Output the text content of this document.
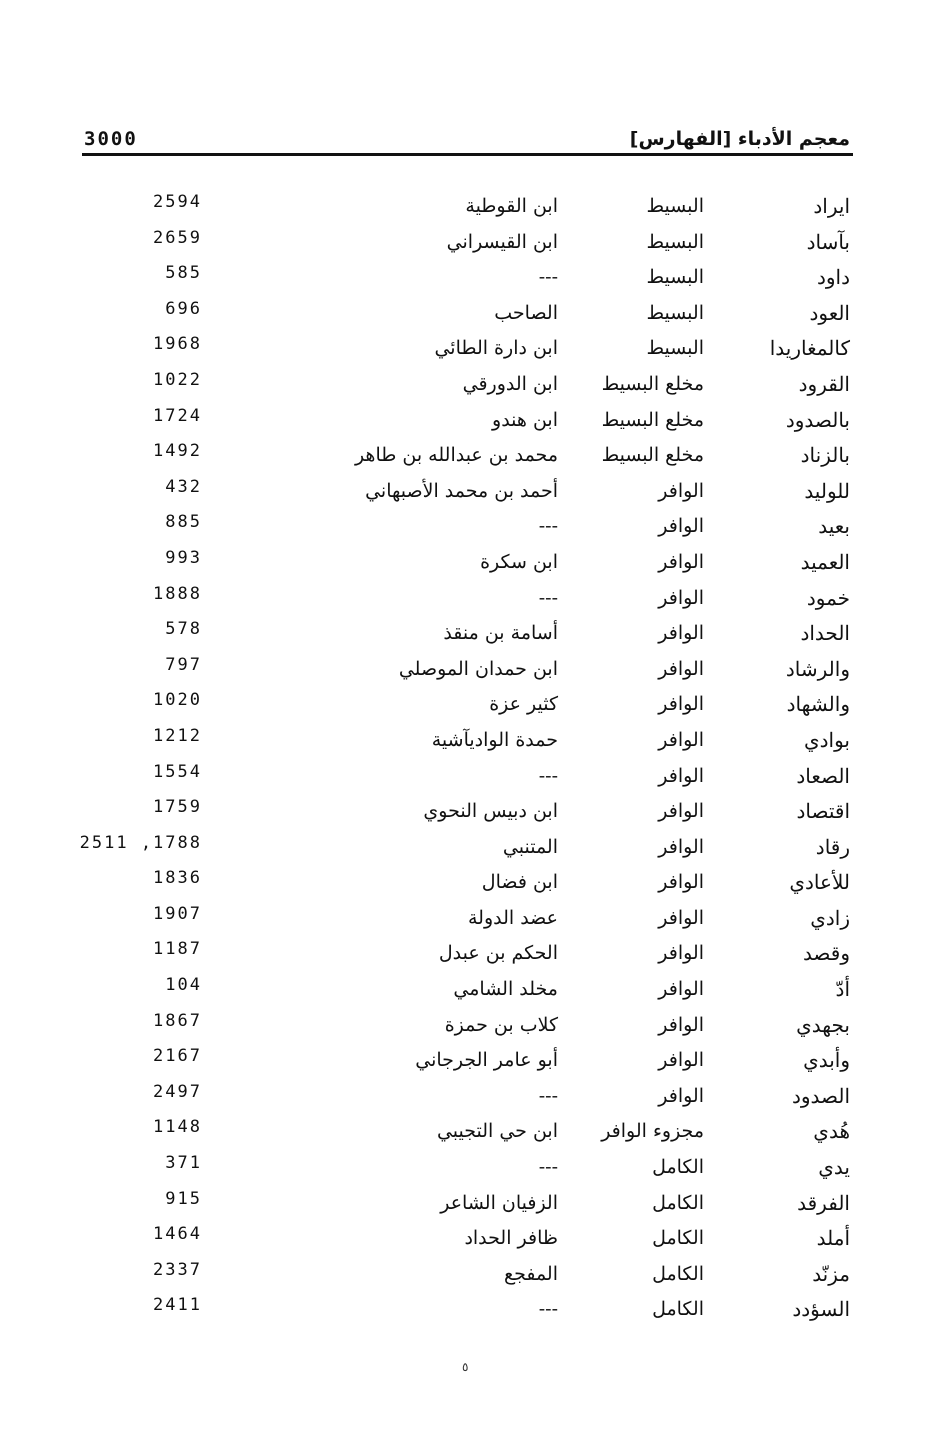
3000	معجم الأدباء [الفهارس]
ايراد
البسيط
ابن القوطية
2594
بآساد
البسيط
ابن القيسراني
2659
داود
البسيط
---
585
العود
البسيط
الصاحب
696
كالمغاريدا
البسيط
ابن دارة الطائي
1968
القرود
مخلع البسيط
ابن الدورقي
1022
بالصدود
مخلع البسيط
ابن هندو
1724
بالزناد
مخلع البسيط
محمد بن عبدالله بن طاهر
1492
للوليد
الوافر
أحمد بن محمد الأصبهاني
432
بعيد
الوافر
---
885
العميد
الوافر
ابن سكرة
993
خمود
الوافر
---
1888
الحداد
الوافر
أسامة بن منقذ
578
والرشاد
الوافر
ابن حمدان الموصلي
797
والشهاد
الوافر
كثير عزة
1020
بوادي
الوافر
حمدة الواديآشية
1212
الصعاد
الوافر
---
1554
اقتصاد
الوافر
ابن دبيس النحوي
1759
رقاد
الوافر
المتنبي
2511 ,1788
للأعادي
الوافر
ابن فضال
1836
زادي
الوافر
عضد الدولة
1907
وقصد
الوافر
الحكم بن عبدل
1187
أدّ
الوافر
مخلد الشامي
104
بجهدي
الوافر
كلاب بن حمزة
1867
وأبدي
الوافر
أبو عامر الجرجاني
2167
الصدود
الوافر
---
2497
هُدي
مجزوء الوافر
ابن حي التجيبي
1148
يدي
الكامل
---
371
الفرقد
الكامل
الزفيان الشاعر
915
أملد
الكامل
ظافر الحداد
1464
مزنّد
الكامل
المفجع
2337
السؤدد
الكامل
---
2411
٥
